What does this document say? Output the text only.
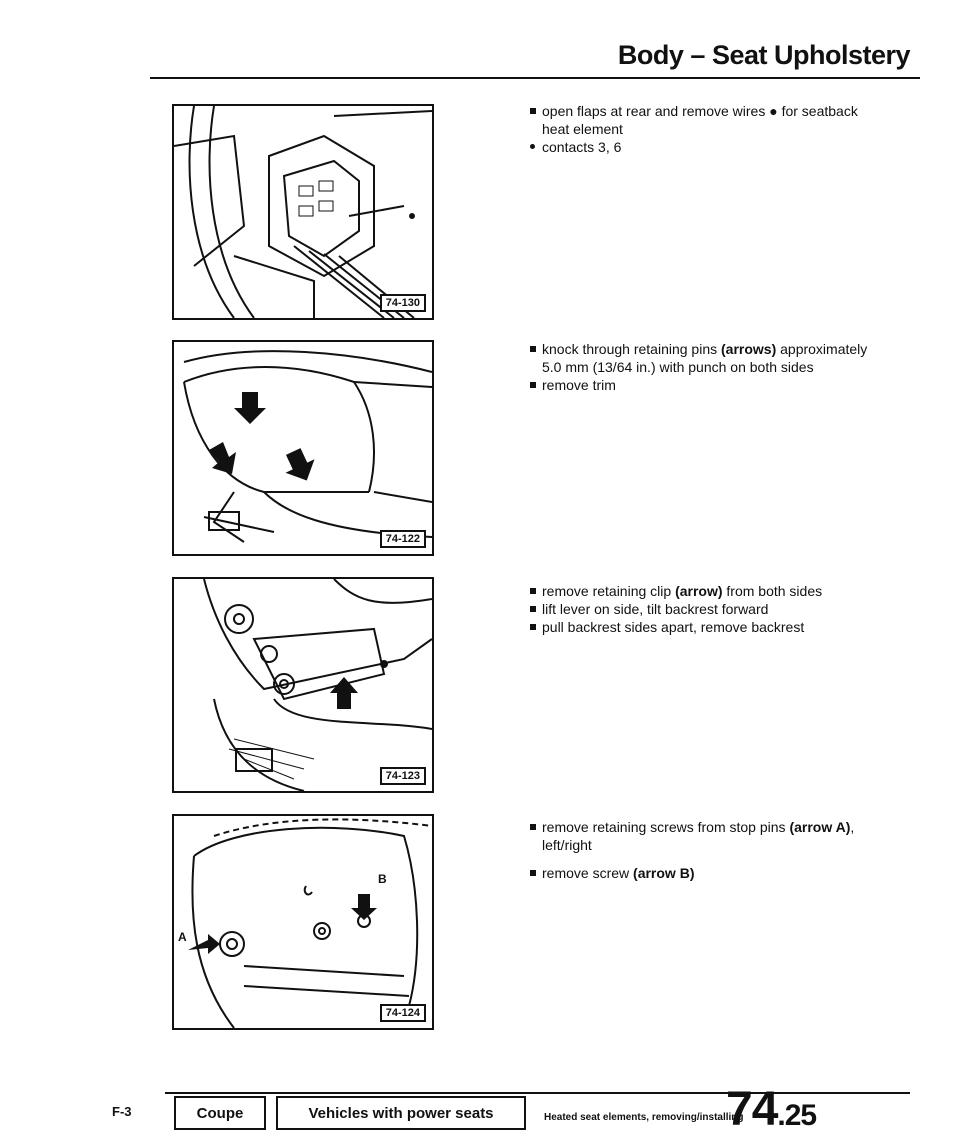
Body – Seat Upholstery
74-130
74-122
74-123
74-124
open flaps at rear and remove wires ● for seatback heat element
contacts 3, 6
knock through retaining pins (arrows) approximately 5.0 mm (13/64 in.) with punch on both sides
remove trim
remove retaining clip (arrow) from both sides
lift lever on side, tilt backrest forward
pull backrest sides apart, remove backrest
remove retaining screws from stop pins (arrow A), left/right
remove screw (arrow B)
A
B
F-3	Coupe	Vehicles with power seats	Heated seat elements, removing/installing
74.25
